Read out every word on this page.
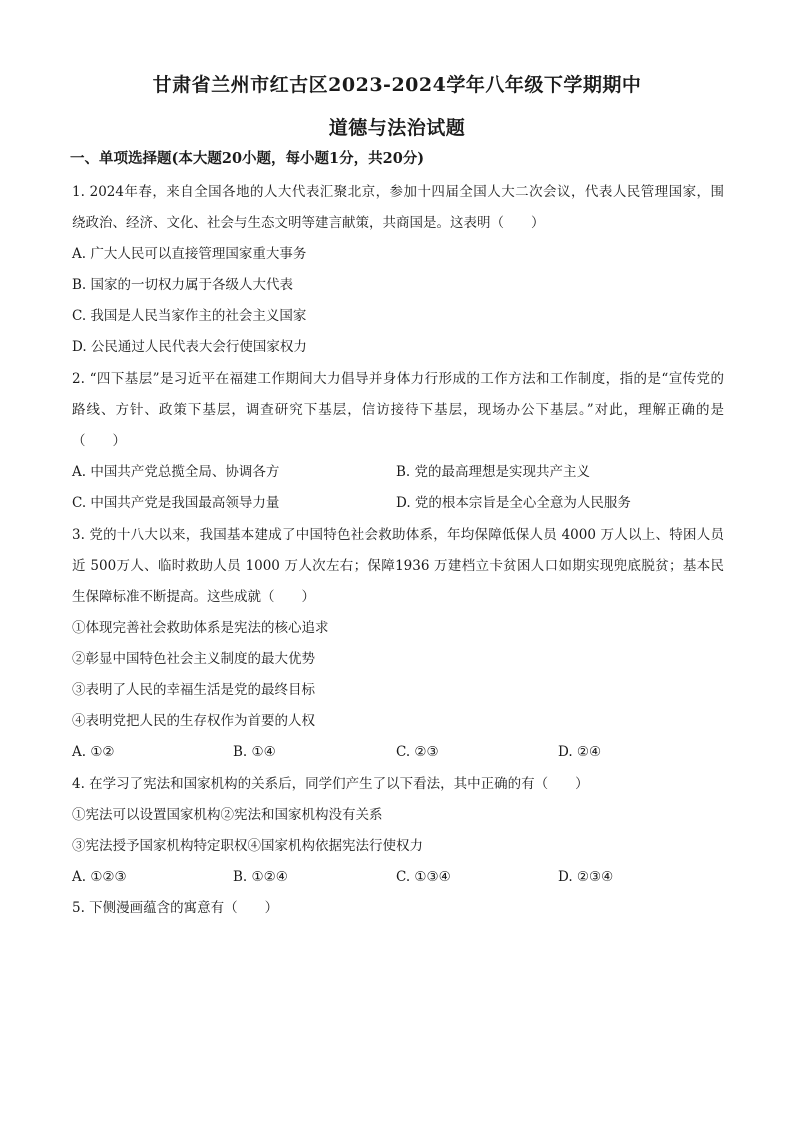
甘肃省兰州市红古区2023-2024学年八年级下学期期中
道德与法治试题
一、单项选择题(本大题20小题，每小题1分，共20分)
1. 2024年春，来自全国各地的人大代表汇聚北京，参加十四届全国人大二次会议，代表人民管理国家，围
绕政治、经济、文化、社会与生态文明等建言献策，共商国是。这表明（　　）
A. 广大人民可以直接管理国家重大事务
B. 国家的一切权力属于各级人大代表
C. 我国是人民当家作主的社会主义国家
D. 公民通过人民代表大会行使国家权力
2. “四下基层”是习近平在福建工作期间大力倡导并身体力行形成的工作方法和工作制度，指的是“宣传党的
路线、方针、政策下基层，调查研究下基层，信访接待下基层，现场办公下基层。”对此，理解正确的是
（　　）
A. 中国共产党总揽全局、协调各方	B. 党的最高理想是实现共产主义
C. 中国共产党是我国最高领导力量	D. 党的根本宗旨是全心全意为人民服务
3. 党的十八大以来，我国基本建成了中国特色社会救助体系，年均保障低保人员 4000 万人以上、特困人员
近 500万人、临时救助人员 1000 万人次左右；保障1936 万建档立卡贫困人口如期实现兜底脱贫；基本民
生保障标准不断提高。这些成就（　　）
①体现完善社会救助体系是宪法的核心追求
②彰显中国特色社会主义制度的最大优势
③表明了人民的幸福生活是党的最终目标
④表明党把人民的生存权作为首要的人权
A. ①②	B. ①④	C. ②③	D. ②④
4. 在学习了宪法和国家机构的关系后，同学们产生了以下看法，其中正确的有（　　）
①宪法可以设置国家机构②宪法和国家机构没有关系
③宪法授予国家机构特定职权④国家机构依据宪法行使权力
A. ①②③	B. ①②④	C. ①③④	D. ②③④
5. 下侧漫画蕴含的寓意有（　　）
